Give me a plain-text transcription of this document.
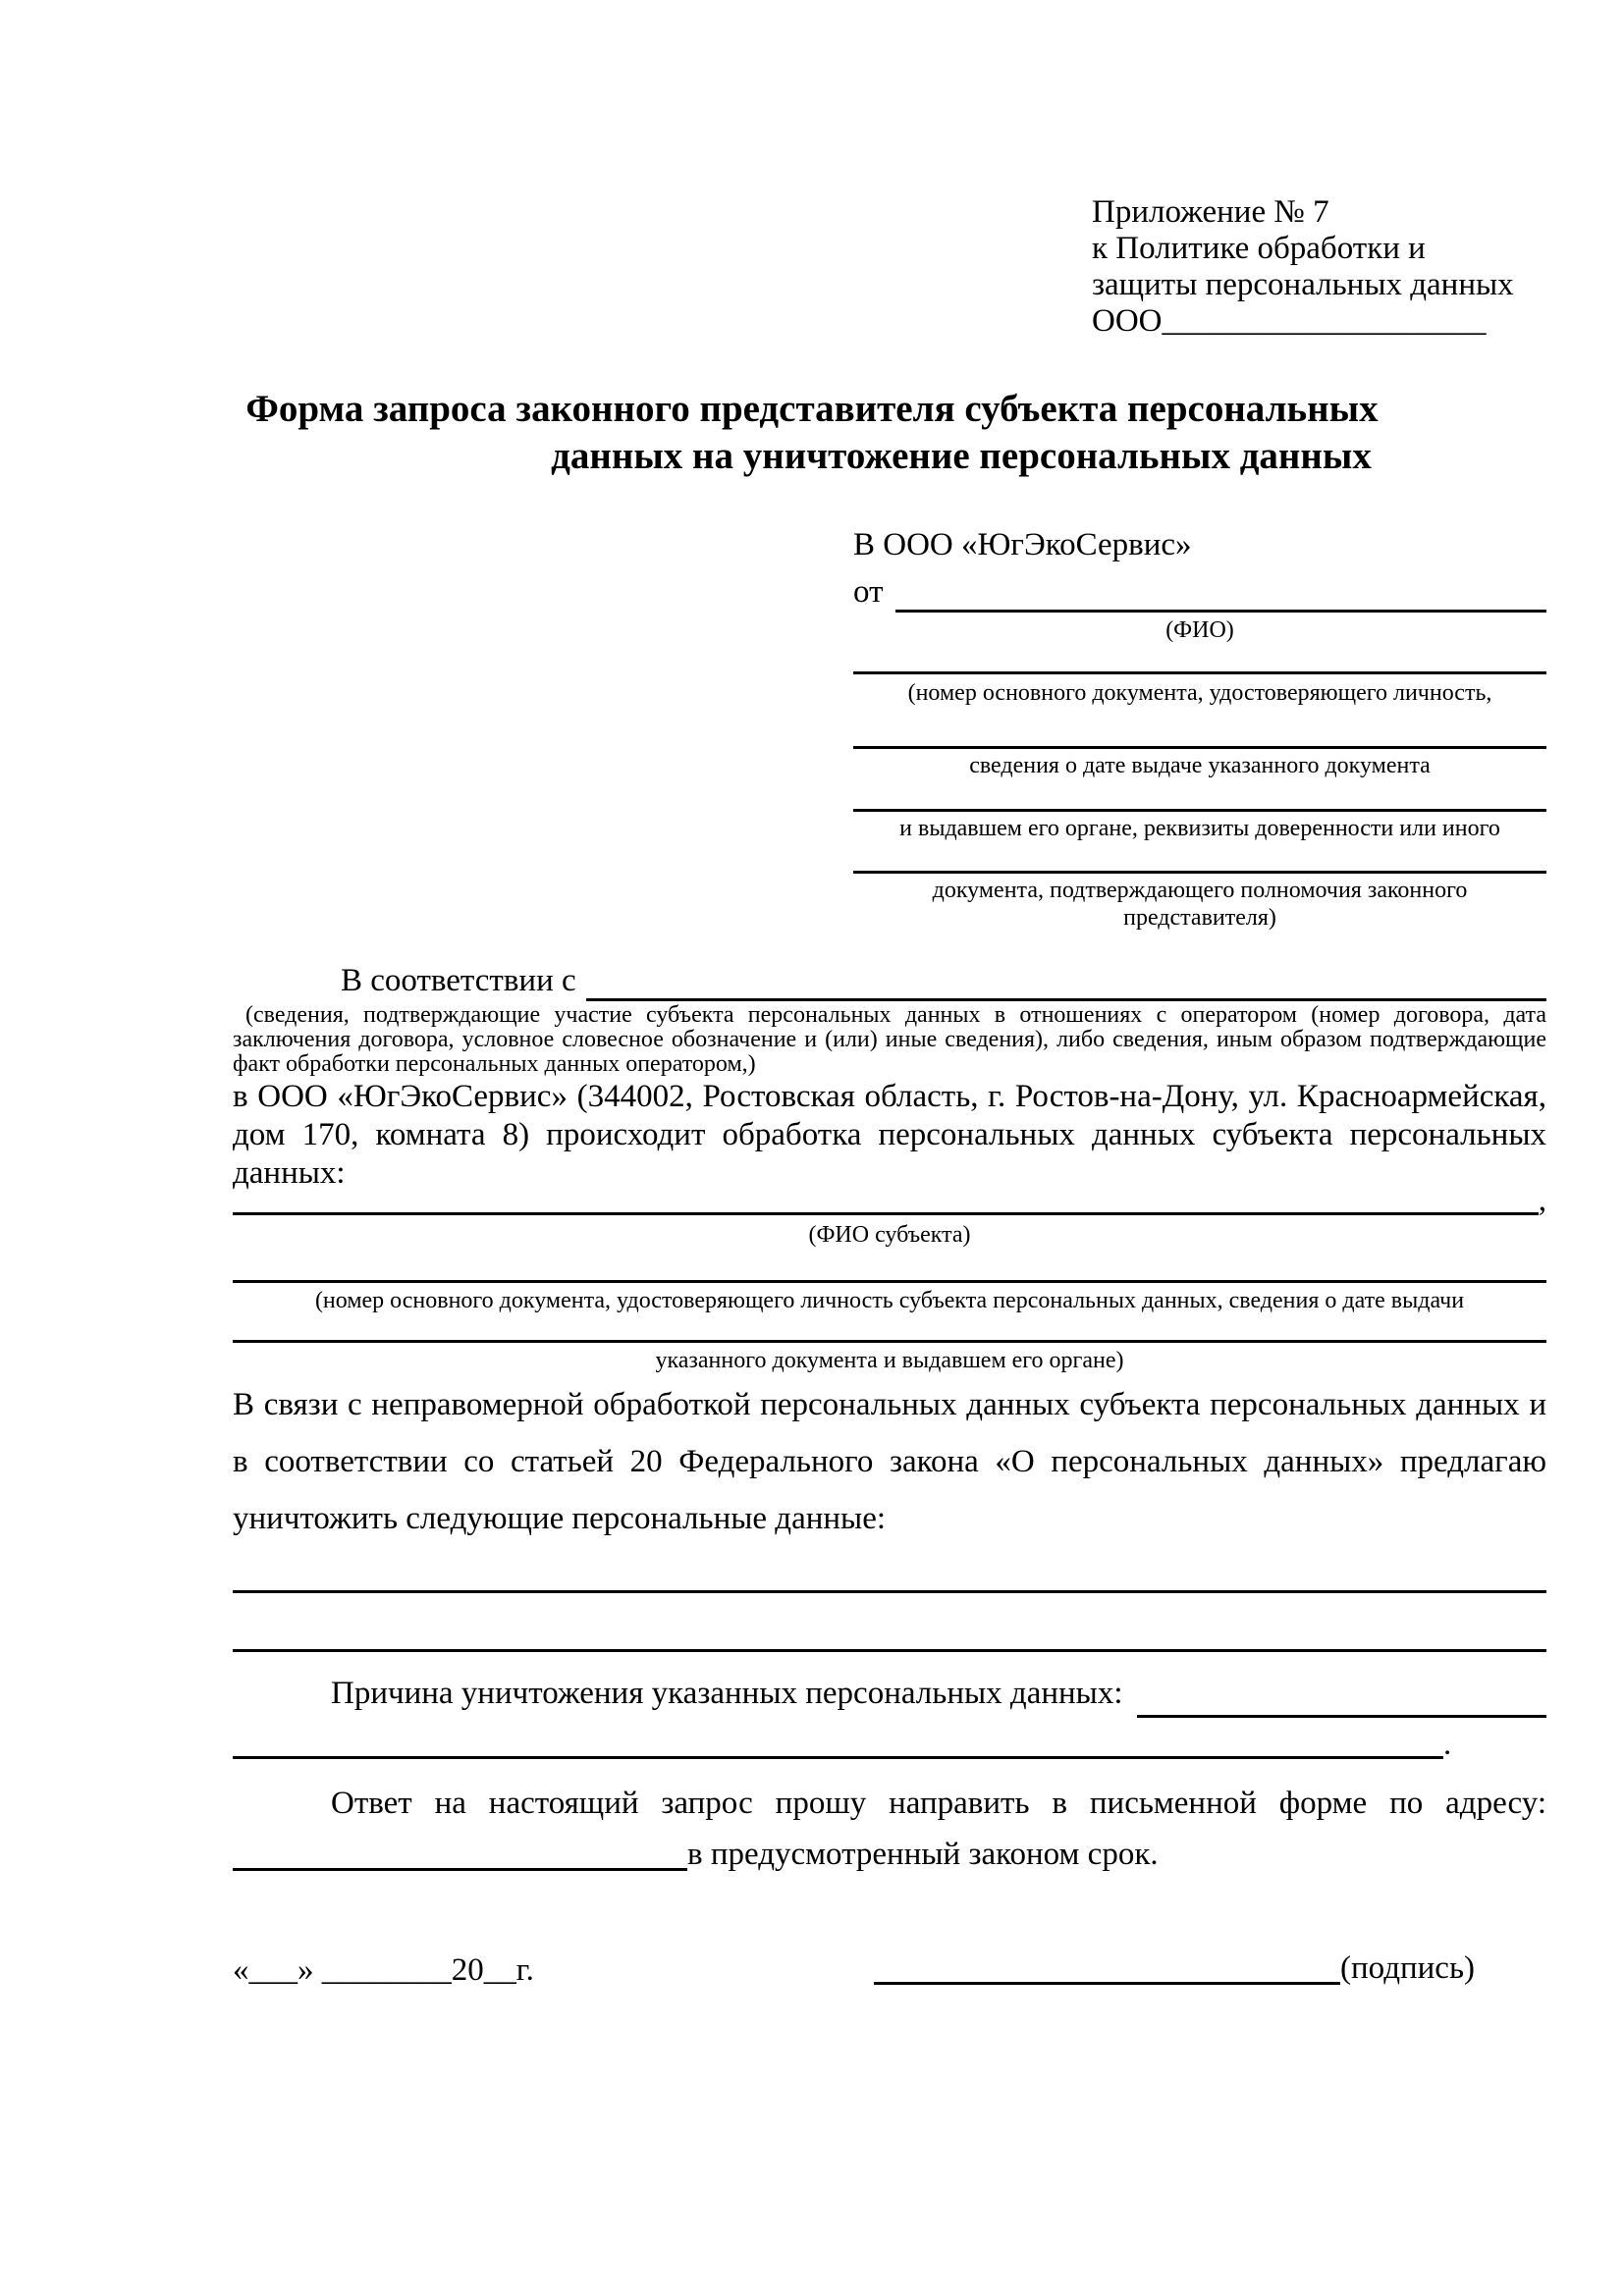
Приложение № 7
к Политике обработки и
защиты персональных данных
ООО____________________
Форма запроса законного представителя субъекта персональных
данных на уничтожение персональных данных
В ООО «ЮгЭкоСервис»
от
(ФИО)
(номер основного документа, удостоверяющего личность,
сведения о дате выдаче указанного документа
и выдавшем его органе, реквизиты доверенности или иного
документа, подтверждающего полномочия законного представителя)
В соответствии с
(сведения, подтверждающие участие субъекта персональных данных в отношениях с оператором (номер договора, дата заключения договора, условное словесное обозначение и (или) иные сведения), либо сведения, иным образом подтверждающие факт обработки персональных данных оператором,)
в ООО «ЮгЭкоСервис» (344002, Ростовская область, г. Ростов-на-Дону, ул. Красноармейская, дом 170, комната 8) происходит обработка персональных данных субъекта персональных данных:
,
(ФИО субъекта)
(номер основного документа, удостоверяющего личность субъекта персональных данных, сведения о дате выдачи
указанного документа и выдавшем его органе)
В связи с неправомерной обработкой персональных данных субъекта персональных данных и в соответствии со статьей 20 Федерального закона «О персональных данных» предлагаю уничтожить следующие персональные данные:
Причина уничтожения указанных персональных данных:
.
Ответ на настоящий запрос прошу направить в письменной форме по адресу:
в предусмотренный законом срок.
«___» ________20__г.	(подпись)
